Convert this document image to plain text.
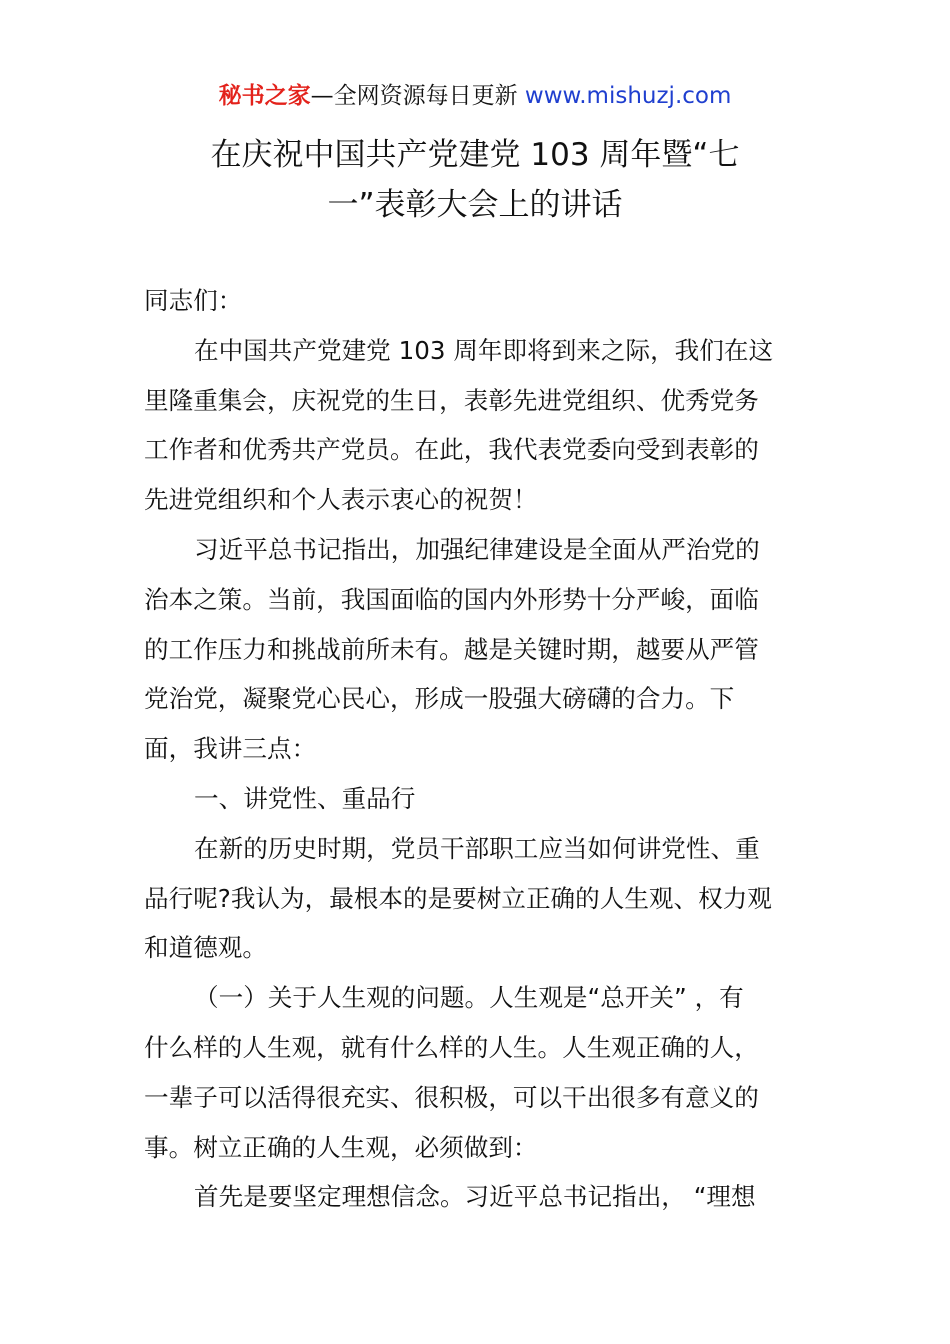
秘书之家—全网资源每日更新 www.mishuzj.com
在庆祝中国共产党建党 103 周年暨“七
一”表彰大会上的讲话
同志们：
在中国共产党建党 103 周年即将到来之际，我们在这
里隆重集会，庆祝党的生日，表彰先进党组织、优秀党务
工作者和优秀共产党员。在此，我代表党委向受到表彰的
先进党组织和个人表示衷心的祝贺！
习近平总书记指出，加强纪律建设是全面从严治党的
治本之策。当前，我国面临的国内外形势十分严峻，面临
的工作压力和挑战前所未有。越是关键时期，越要从严管
党治党，凝聚党心民心，形成一股强大磅礴的合力。下
面，我讲三点：
一、讲党性、重品行
在新的历史时期，党员干部职工应当如何讲党性、重
品行呢?我认为，最根本的是要树立正确的人生观、权力观
和道德观。
（一）关于人生观的问题。人生观是“总开关” ，有
什么样的人生观，就有什么样的人生。人生观正确的人，
一辈子可以活得很充实、很积极，可以干出很多有意义的
事。树立正确的人生观，必须做到：
首先是要坚定理想信念。习近平总书记指出， “理想
